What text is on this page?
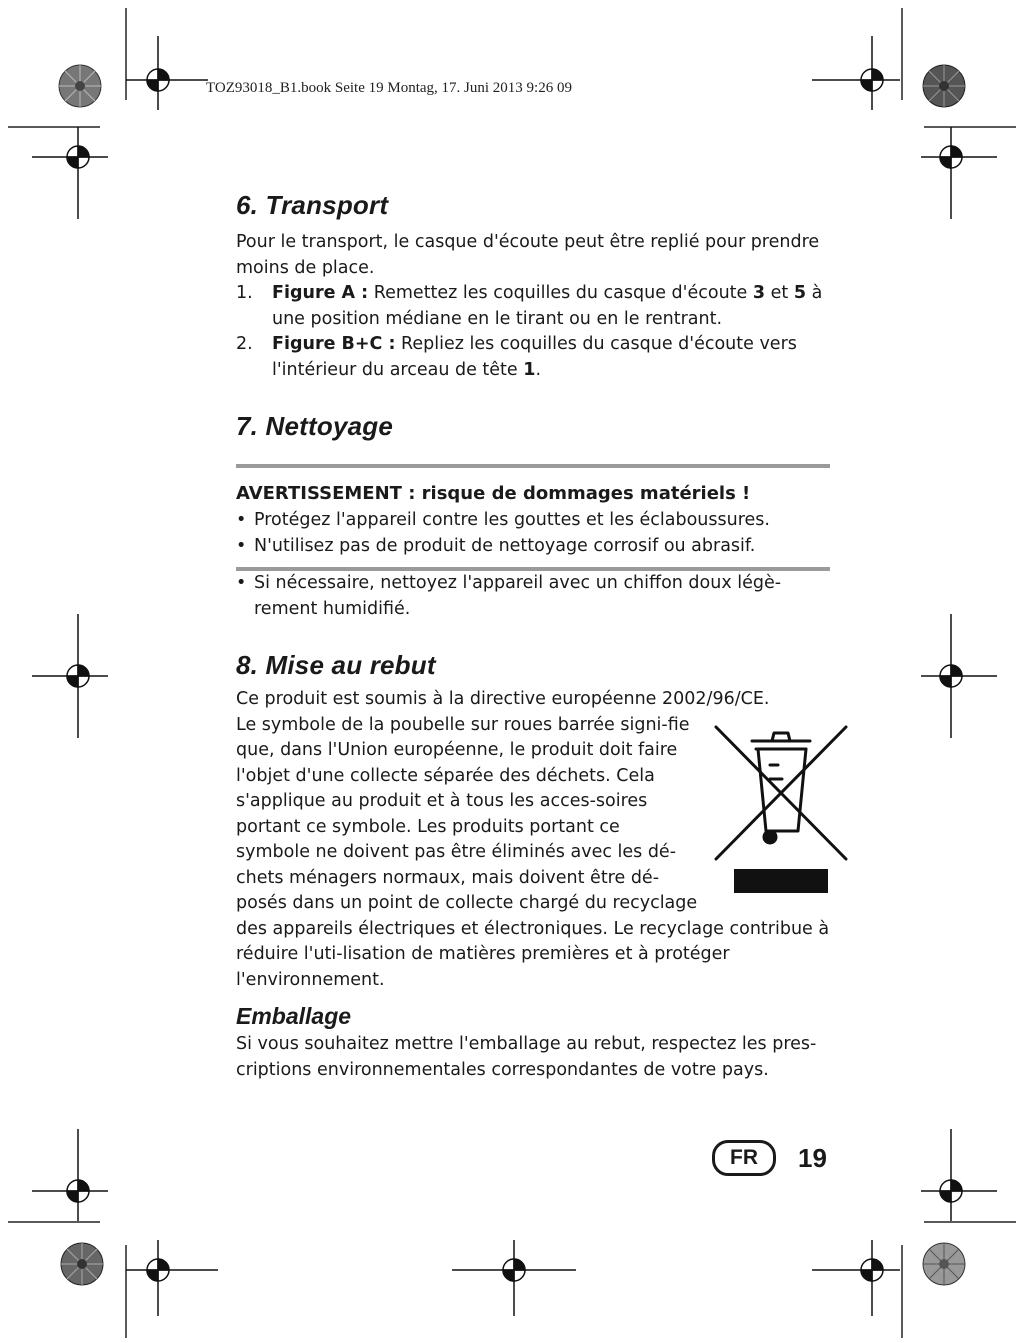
TOZ93018_B1.book Seite 19 Montag, 17. Juni 2013 9:26 09
6. Transport

Pour le transport, le casque d'écoute peut être replié pour prendre moins de place.

1. Figure A : Remettez les coquilles du casque d'écoute 3 et 5 à une position médiane en le tirant ou en le rentrant.
2. Figure B+C : Repliez les coquilles du casque d'écoute vers l'intérieur du arceau de tête 1.
7. Nettoyage
AVERTISSEMENT : risque de dommages matériels !
• Protégez l'appareil contre les gouttes et les éclaboussures.
• N'utilisez pas de produit de nettoyage corrosif ou abrasif.
• Si nécessaire, nettoyez l'appareil avec un chiffon doux légè-rement humidifié.
8. Mise au rebut

Ce produit est soumis à la directive européenne 2002/96/CE.

Le symbole de la poubelle sur roues barrée signi-fie que, dans l'Union européenne, le produit doit faire l'objet d'une collecte séparée des déchets. Cela s'applique au produit et à tous les acces-soires portant ce symbole. Les produits portant ce symbole ne doivent pas être éliminés avec les dé-chets ménagers normaux, mais doivent être dé-posés dans un point de collecte chargé du recyclage des appareils électriques et électroniques. Le recyclage contribue à réduire l'uti-lisation de matières premières et à protéger l'environnement.

Emballage

Si vous souhaitez mettre l'emballage au rebut, respectez les pres-criptions environnementales correspondantes de votre pays.

FR	19
